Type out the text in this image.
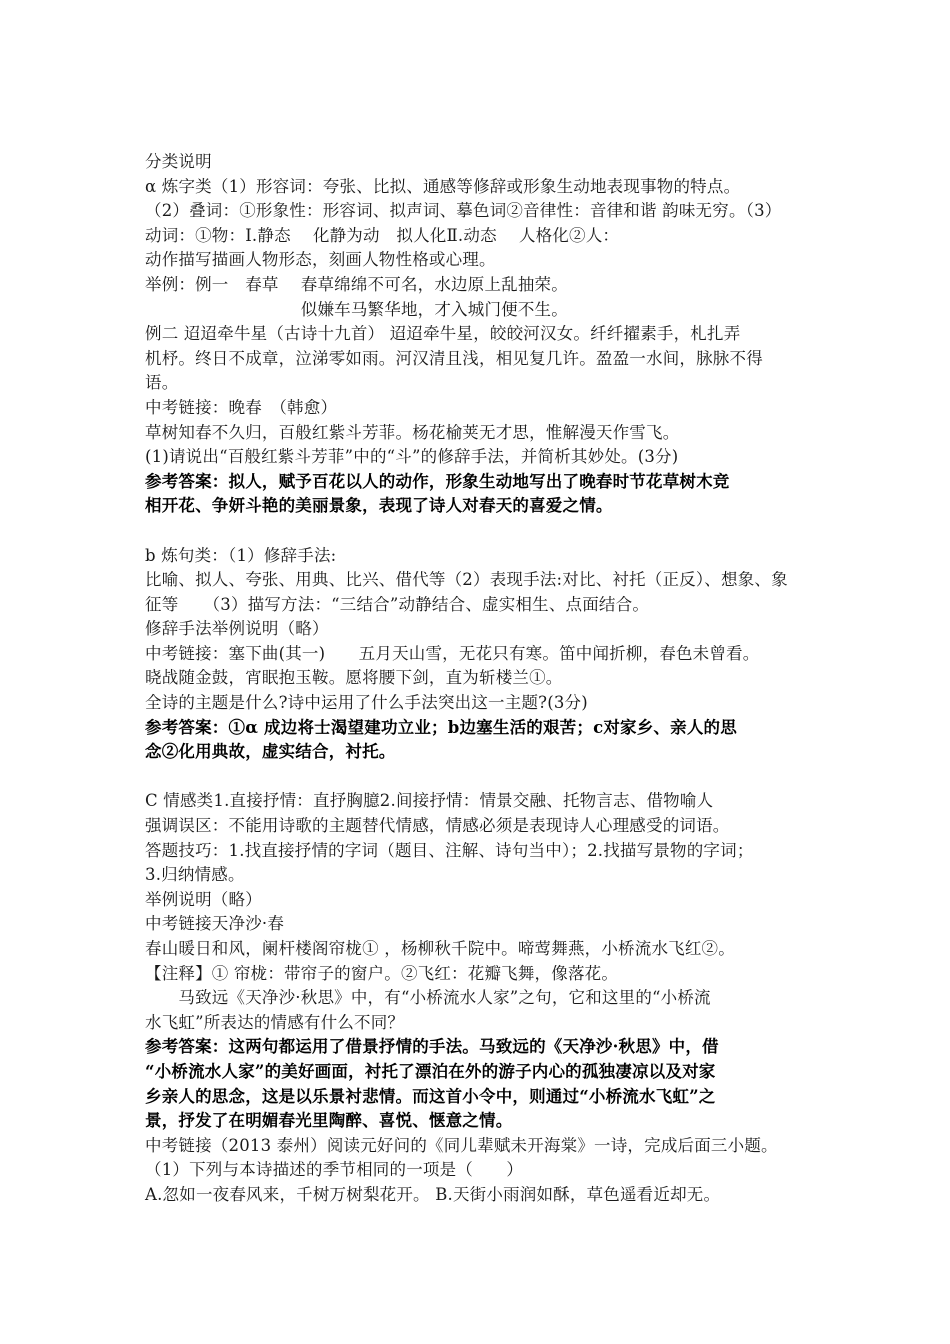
分类说明
α 炼字类（1）形容词：夸张、比拟、通感等修辞或形象生动地表现事物的特点。
（2）叠词：①形象性：形容词、拟声词、摹色词②音律性：音律和谐 韵味无穷。（3）
动词：①物：Ⅰ.静态　 化静为动　拟人化Ⅱ.动态　 人格化②人：
动作描写描画人物形态，刻画人物性格或心理。
举例：例一　春草　 春草绵绵不可名，水边原上乱抽荣。
　　　　　　　　　 似嫌车马繁华地，才入城门便不生。
例二 迢迢牵牛星（古诗十九首） 迢迢牵牛星，皎皎河汉女。纤纤擢素手，札扎弄
机杼。终日不成章，泣涕零如雨。河汉清且浅，相见复几许。盈盈一水间，脉脉不得
语。
中考链接：晚春　（韩愈）
草树知春不久归，百般红紫斗芳菲。杨花榆荚无才思，惟解漫天作雪飞。
(1)请说出“百般红紫斗芳菲”中的“斗”的修辞手法，并简析其妙处。(3分)
参考答案：拟人，赋予百花以人的动作，形象生动地写出了晚春时节花草树木竞
相开花、争妍斗艳的美丽景象，表现了诗人对春天的喜爱之情。
b 炼句类：（1）修辞手法:
比喻、拟人、夸张、用典、比兴、借代等（2）表现手法:对比、衬托（正反）、想象、象
征等　　（3）描写方法：“三结合”动静结合、虚实相生、点面结合。
修辞手法举例说明（略）
中考链接：塞下曲(其一)　　五月天山雪，无花只有寒。笛中闻折柳，春色未曾看。
晓战随金鼓，宵眠抱玉鞍。愿将腰下剑，直为斩楼兰①。
全诗的主题是什么?诗中运用了什么手法突出这一主题?(3分)
参考答案：①α 成边将士渴望建功立业；b边塞生活的艰苦；c对家乡、亲人的思
念②化用典故，虚实结合，衬托。
C 情感类1.直接抒情：直抒胸臆2.间接抒情：情景交融、托物言志、借物喻人
强调误区：不能用诗歌的主题替代情感，情感必须是表现诗人心理感受的词语。
答题技巧：1.找直接抒情的字词（题目、注解、诗句当中）；2.找描写景物的字词；
3.归纳情感。
举例说明（略）
中考链接天净沙·春
春山暖日和风，阑杆楼阁帘栊① ，杨柳秋千院中。啼莺舞燕，小桥流水飞红②。
【注释】① 帘栊：带帘子的窗户。②飞红：花瓣飞舞，像落花。
　　马致远《天净沙·秋思》中，有“小桥流水人家”之句，它和这里的“小桥流
水飞虹”所表达的情感有什么不同？
参考答案：这两句都运用了借景抒情的手法。马致远的《天净沙·秋思》中，借
“小桥流水人家”的美好画面，衬托了漂泊在外的游子内心的孤独凄凉以及对家
乡亲人的思念，这是以乐景衬悲情。而这首小令中，则通过“小桥流水飞虹”之
景，抒发了在明媚春光里陶醉、喜悦、惬意之情。
中考链接（2013 泰州）阅读元好问的《同儿辈赋未开海棠》一诗，完成后面三小题。
（1）下列与本诗描述的季节相同的一项是（　　）
A.忽如一夜春风来，千树万树梨花开。 B.天街小雨润如酥，草色遥看近却无。
